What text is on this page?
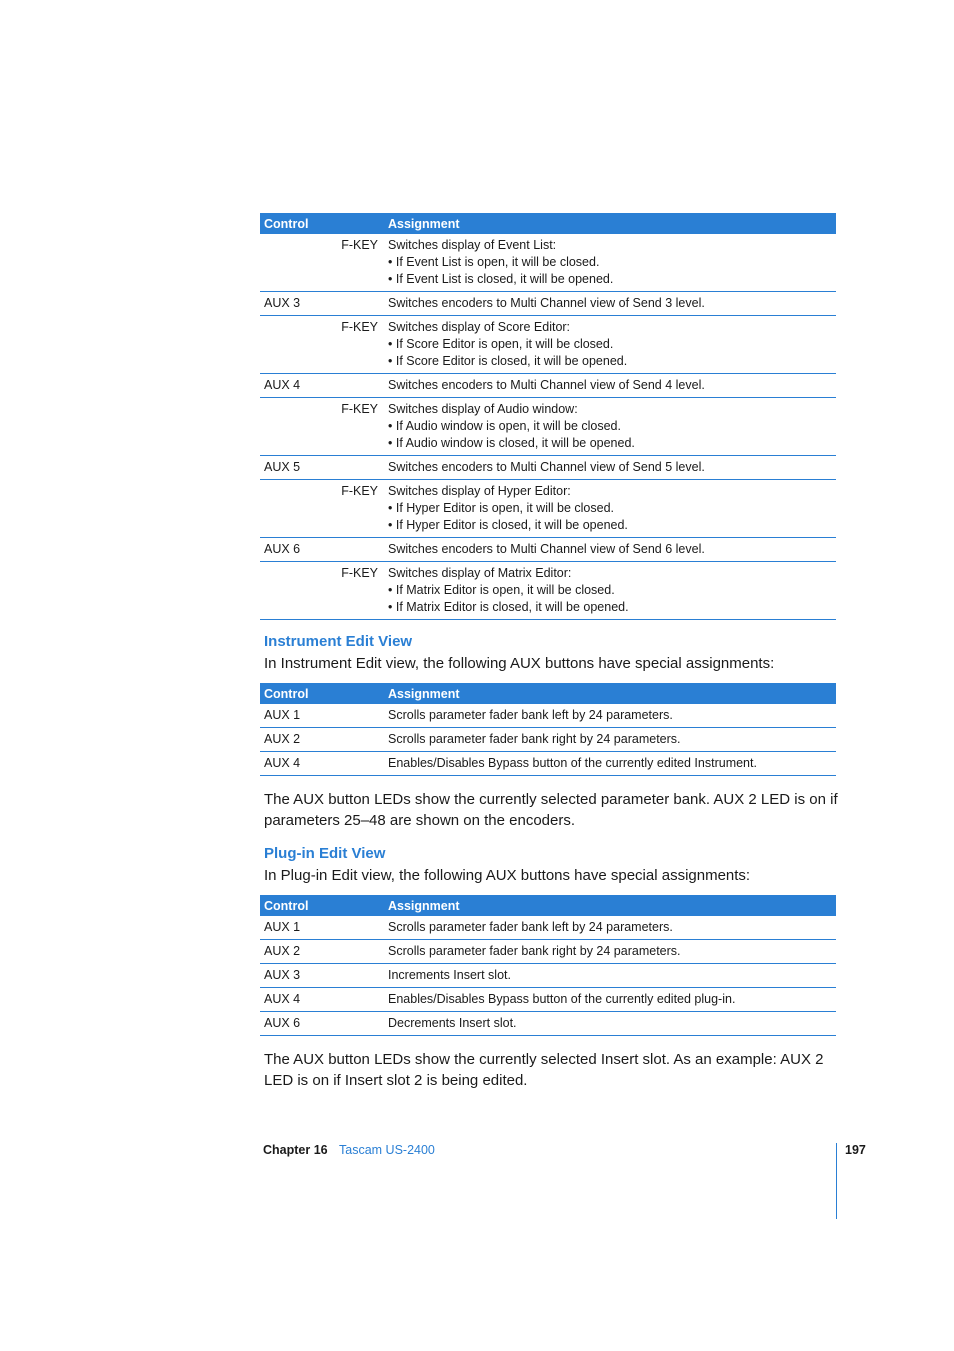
Control	Assignment
F-KEY Switches display of Event List:
• If Event List is open, it will be closed.
• If Event List is closed, it will be opened.
AUX 3	Switches encoders to Multi Channel view of Send 3 level.
F-KEY Switches display of Score Editor:
• If Score Editor is open, it will be closed.
• If Score Editor is closed, it will be opened.
AUX 4	Switches encoders to Multi Channel view of Send 4 level.
F-KEY Switches display of Audio window:
• If Audio window is open, it will be closed.
• If Audio window is closed, it will be opened.
AUX 5	Switches encoders to Multi Channel view of Send 5 level.
F-KEY Switches display of Hyper Editor:
• If Hyper Editor is open, it will be closed.
• If Hyper Editor is closed, it will be opened.
AUX 6	Switches encoders to Multi Channel view of Send 6 level.
F-KEY Switches display of Matrix Editor:
• If Matrix Editor is open, it will be closed.
• If Matrix Editor is closed, it will be opened.
Instrument Edit View
In Instrument Edit view, the following AUX buttons have special assignments:
Control	Assignment
AUX 1	Scrolls parameter fader bank left by 24 parameters.
AUX 2	Scrolls parameter fader bank right by 24 parameters.
AUX 4	Enables/Disables Bypass button of the currently edited Instrument.
The AUX button LEDs show the currently selected parameter bank. AUX 2 LED is on if parameters 25–48 are shown on the encoders.
Plug-in Edit View
In Plug-in Edit view, the following AUX buttons have special assignments:
Control	Assignment
AUX 1	Scrolls parameter fader bank left by 24 parameters.
AUX 2	Scrolls parameter fader bank right by 24 parameters.
AUX 3	Increments Insert slot.
AUX 4	Enables/Disables Bypass button of the currently edited plug-in.
AUX 6	Decrements Insert slot.
The AUX button LEDs show the currently selected Insert slot. As an example: AUX 2 LED is on if Insert slot 2 is being edited.
Chapter 16 Tascam US-2400	197
